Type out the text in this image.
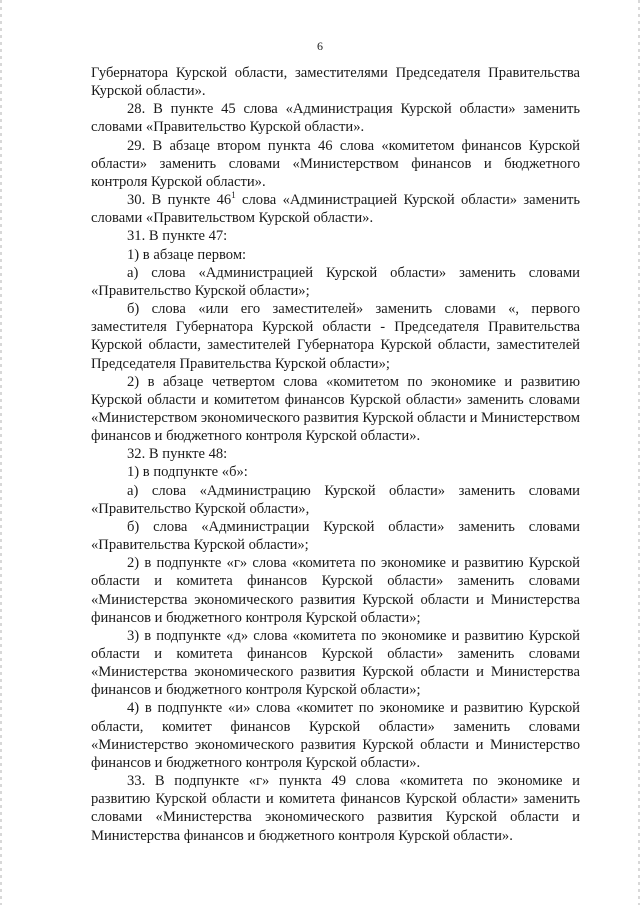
6

Губернатора Курской области, заместителями Председателя Правительства Курской области».

28. В пункте 45 слова «Администрация Курской области» заменить словами «Правительство Курской области».

29. В абзаце втором пункта 46 слова «комитетом финансов Курской области» заменить словами «Министерством финансов и бюджетного контроля Курской области».

30. В пункте $46^1$ слова «Администрацией Курской области» заменить словами «Правительством Курской области».

31. В пункте 47:

1) в абзаце первом:

а) слова «Администрацией Курской области» заменить словами «Правительство Курской области»;

б) слова «или его заместителей» заменить словами «, первого заместителя Губернатора Курской области - Председателя Правительства Курской области, заместителей Губернатора Курской области, заместителей Председателя Правительства Курской области»;

2) в абзаце четвертом слова «комитетом по экономике и развитию Курской области и комитетом финансов Курской области» заменить словами «Министерством экономического развития Курской области и Министерством финансов и бюджетного контроля Курской области».

32. В пункте 48:

1) в подпункте «б»:

а) слова «Администрацию Курской области» заменить словами «Правительство Курской области»,

б) слова «Администрации Курской области» заменить словами «Правительства Курской области»;

2) в подпункте «г» слова «комитета по экономике и развитию Курской области и комитета финансов Курской области» заменить словами «Министерства экономического развития Курской области и Министерства финансов и бюджетного контроля Курской области»;

3) в подпункте «д» слова «комитета по экономике и развитию Курской области и комитета финансов Курской области» заменить словами «Министерства экономического развития Курской области и Министерства финансов и бюджетного контроля Курской области»;

4) в подпункте «и» слова «комитет по экономике и развитию Курской области, комитет финансов Курской области» заменить словами «Министерство экономического развития Курской области и Министерство финансов и бюджетного контроля Курской области».

33. В подпункте «г» пункта 49 слова «комитета по экономике и развитию Курской области и комитета финансов Курской области» заменить словами «Министерства экономического развития Курской области и Министерства финансов и бюджетного контроля Курской области».
